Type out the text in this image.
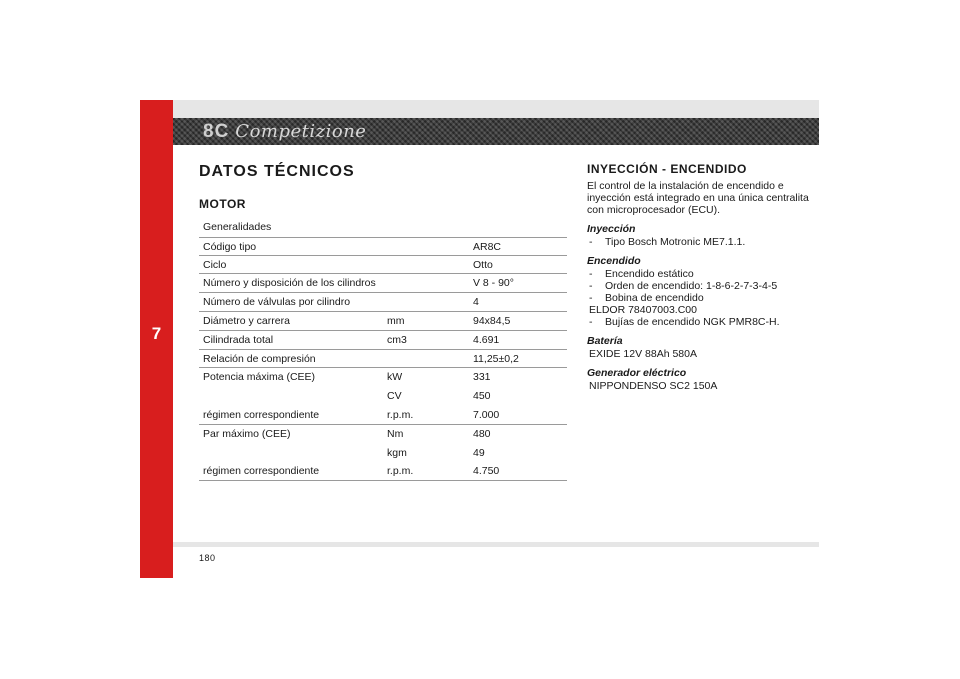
7
8C Competizione
DATOS TÉCNICOS
MOTOR
Generalidades
Código tipo	AR8C
Ciclo	Otto
Número y disposición de los cilindros	V 8 - 90°
Número de válvulas por cilindro	4
Diámetro y carrera	mm	94x84,5
Cilindrada total	cm3	4.691
Relación de compresión	11,25±0,2
Potencia máxima (CEE)	kW	331
CV	450
régimen correspondiente	r.p.m.	7.000
Par máximo (CEE)	Nm	480
kgm	49
régimen correspondiente	r.p.m.	4.750
INYECCIÓN - ENCENDIDO

El control de la instalación de encendido e

inyección está integrado en una única centralita

con microprocesador (ECU).

Inyección
-	Tipo Bosch Motronic ME7.1.1.
Encendido
-	Encendido estático
-	Orden de encendido: 1-8-6-2-7-3-4-5
-	Bobina de encendido
ELDOR 78407003.C00
-	Bujías de encendido NGK PMR8C-H.
Batería
EXIDE 12V 88Ah 580A
Generador eléctrico
NIPPONDENSO SC2 150A
180
